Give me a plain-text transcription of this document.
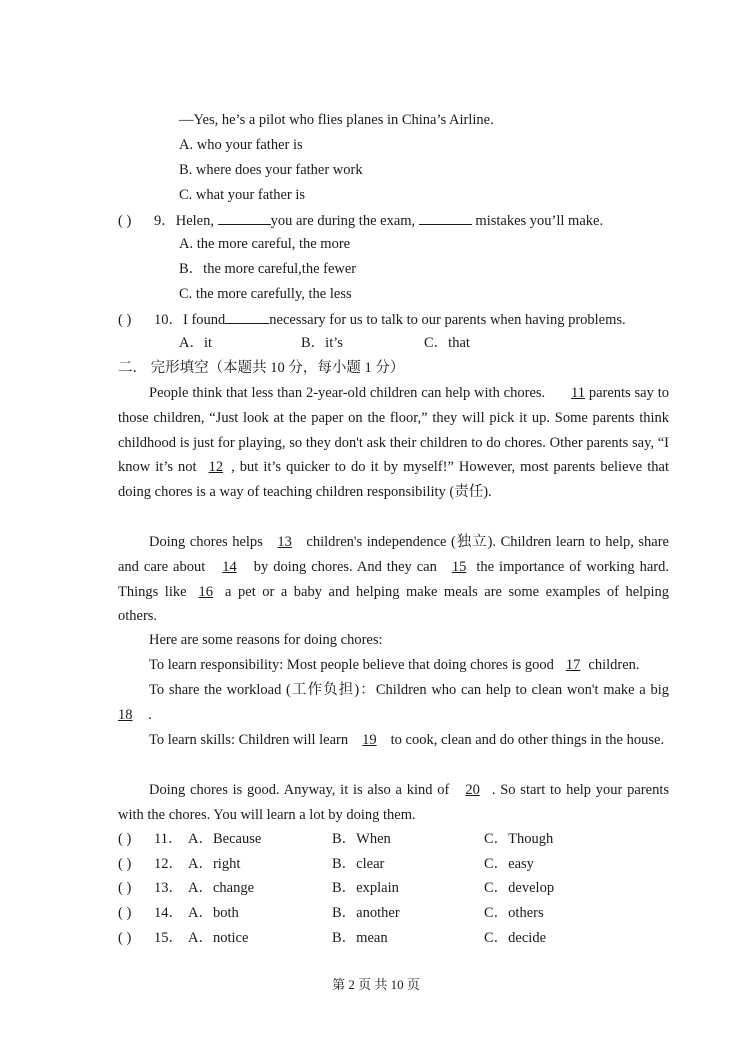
—Yes, he’s a pilot who flies planes in China’s Airline.
A. who your father is
B. where does your father work
C. what your father is
( ) 9．Helen,	you are during the exam,	mistakes you’ll make.
A. the more careful, the more
B．the more careful,the fewer
C. the more carefully, the less
( ) 10．I found	necessary for us to talk to our parents when having problems.
A．it	B．it’s	C．that
二． 完形填空（本题共 10 分，每小题 1 分）
People think that less than 2-year-old children can help with chores. 11 parents say to those children, “Just look at the paper on the floor,” they will pick it up. Some parents think childhood is just for playing, so they don't ask their children to do chores. Other parents say, “I know it’s not 12 , but it’s quicker to do it by myself!” However, most parents believe that doing chores is a way of teaching children responsibility (责任).
Doing chores helps 13 children's independence (独立). Children learn to help, share and care about 14 by doing chores. And they can 15 the importance of working hard. Things like 16 a pet or a baby and helping make meals are some examples of helping others.
Here are some reasons for doing chores:
To learn responsibility: Most people believe that doing chores is good 17 children.
To share the workload (工作负担)：Children who can help to clean won't make a big 18 .
To learn skills: Children will learn 19 to cook, clean and do other things in the house.
Doing chores is good. Anyway, it is also a kind of 20 . So start to help your parents with the chores. You will learn a lot by doing them.
( ) 11． A．Because	B．When	C．Though
( ) 12． A．right	B．clear	C．easy
( ) 13． A．change	B．explain	C．develop
( ) 14． A．both	B．another	C．others
( ) 15． A．notice	B．mean	C．decide
第 2 页 共 10 页
